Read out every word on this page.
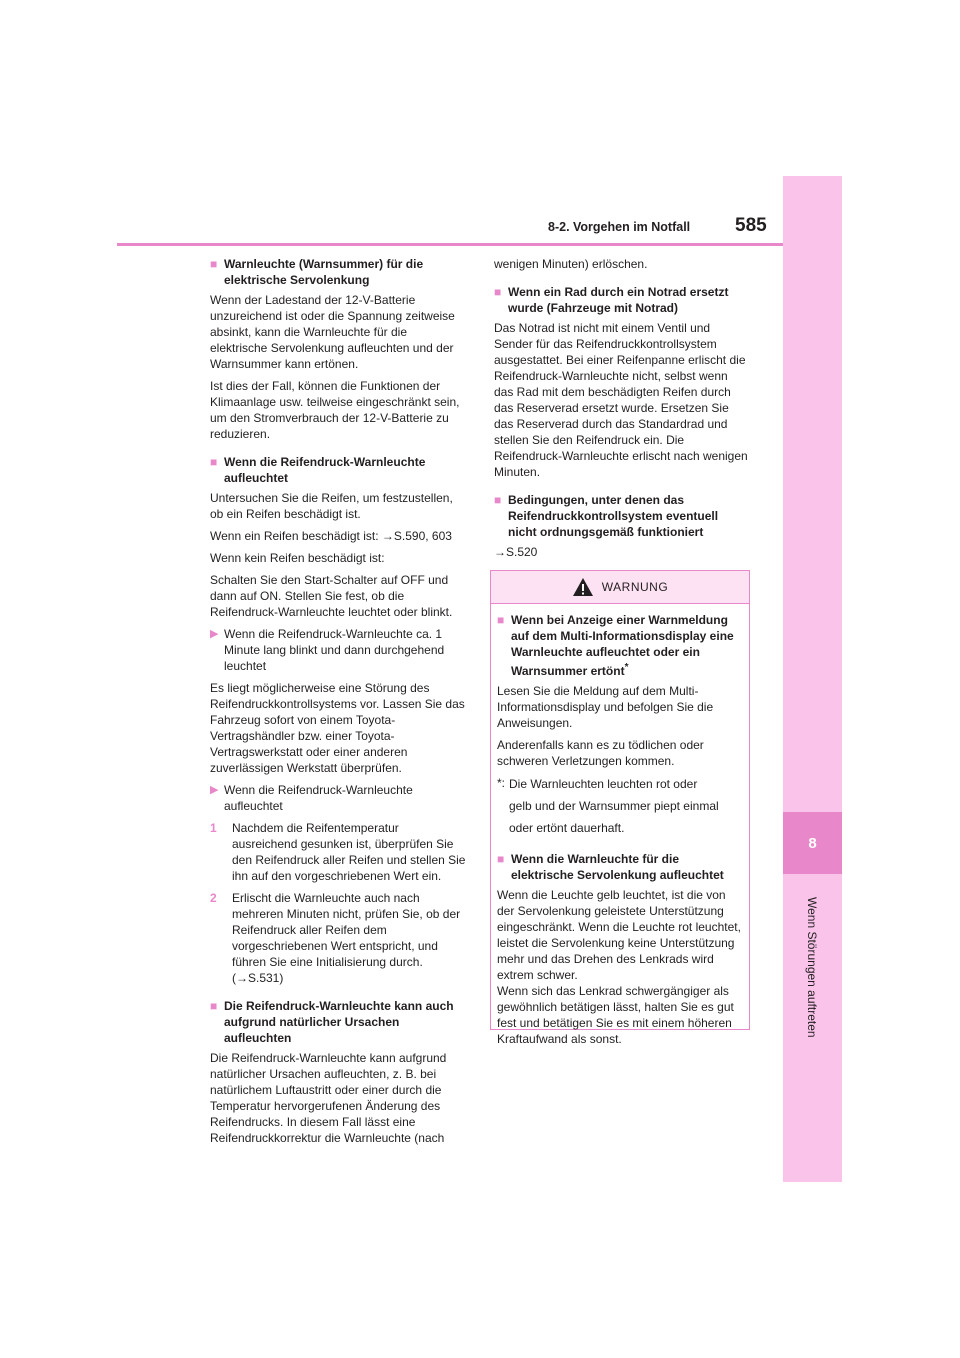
8
Wenn Störungen auftreten
8-2. Vorgehen im Notfall 585
■ Warnleuchte (Warnsummer) für die elektrische Servolenkung

Wenn der Ladestand der 12-V-Batterie unzureichend ist oder die Spannung zeitweise absinkt, kann die Warnleuchte für die elektrische Servolenkung aufleuchten und der Warnsummer kann ertönen.

Ist dies der Fall, können die Funktionen der Klimaanlage usw. teilweise eingeschränkt sein, um den Stromverbrauch der 12-V-Batterie zu reduzieren.

■ Wenn die Reifendruck-Warnleuchte aufleuchtet

Untersuchen Sie die Reifen, um festzustellen, ob ein Reifen beschädigt ist.

Wenn ein Reifen beschädigt ist: →S.590, 603

Wenn kein Reifen beschädigt ist:

Schalten Sie den Start-Schalter auf OFF und dann auf ON. Stellen Sie fest, ob die Reifendruck-Warnleuchte leuchtet oder blinkt.

▶ Wenn die Reifendruck-Warnleuchte ca. 1 Minute lang blinkt und dann durchgehend leuchtet

Es liegt möglicherweise eine Störung des Reifendruckkontrollsystems vor. Lassen Sie das Fahrzeug sofort von einem Toyota-Vertragshändler bzw. einer Toyota-Vertragswerkstatt oder einer anderen zuverlässigen Werkstatt überprüfen.

▶ Wenn die Reifendruck-Warnleuchte aufleuchtet
1	Nachdem die Reifentemperatur ausreichend gesunken ist, überprüfen Sie den Reifendruck aller Reifen und stellen Sie ihn auf den vorgeschriebenen Wert ein.
2	Erlischt die Warnleuchte auch nach mehreren Minuten nicht, prüfen Sie, ob der Reifendruck aller Reifen dem vorgeschriebenen Wert entspricht, und führen Sie eine Initialisierung durch. (→S.531)
■ Die Reifendruck-Warnleuchte kann auch aufgrund natürlicher Ursachen aufleuchten

Die Reifendruck-Warnleuchte kann aufgrund natürlicher Ursachen aufleuchten, z. B. bei natürlichem Luftaustritt oder einer durch die Temperatur hervorgerufenen Änderung des Reifendrucks. In diesem Fall lässt eine Reifendruckkorrektur die Warnleuchte (nach

wenigen Minuten) erlöschen.

■ Wenn ein Rad durch ein Notrad ersetzt wurde (Fahrzeuge mit Notrad)

Das Notrad ist nicht mit einem Ventil und Sender für das Reifendruckkontrollsystem ausgestattet. Bei einer Reifenpanne erlischt die Reifendruck-Warnleuchte nicht, selbst wenn das Rad mit dem beschädigten Reifen durch das Reserverad ersetzt wurde. Ersetzen Sie das Reserverad durch das Standardrad und stellen Sie den Reifendruck ein. Die Reifendruck-Warnleuchte erlischt nach wenigen Minuten.

■ Bedingungen, unter denen das Reifendruckkontrollsystem eventuell nicht ordnungsgemäß funktioniert

→S.520

WARNUNG
■ Wenn bei Anzeige einer Warnmeldung auf dem Multi-Informationsdisplay eine Warnleuchte aufleuchtet oder ein Warnsummer ertönt*

Lesen Sie die Meldung auf dem Multi-Informationsdisplay und befolgen Sie die Anweisungen.

Anderenfalls kann es zu tödlichen oder schweren Verletzungen kommen.

*: Die Warnleuchten leuchten rot oder

gelb und der Warnsummer piept einmal

oder ertönt dauerhaft.

■ Wenn die Warnleuchte für die elektrische Servolenkung aufleuchtet

Wenn die Leuchte gelb leuchtet, ist die von der Servolenkung geleistete Unterstützung eingeschränkt. Wenn die Leuchte rot leuchtet, leistet die Servolenkung keine Unterstützung mehr und das Drehen des Lenkrads wird extrem schwer.

Wenn sich das Lenkrad schwergängiger als gewöhnlich betätigen lässt, halten Sie es gut fest und betätigen Sie es mit einem höheren Kraftaufwand als sonst.
